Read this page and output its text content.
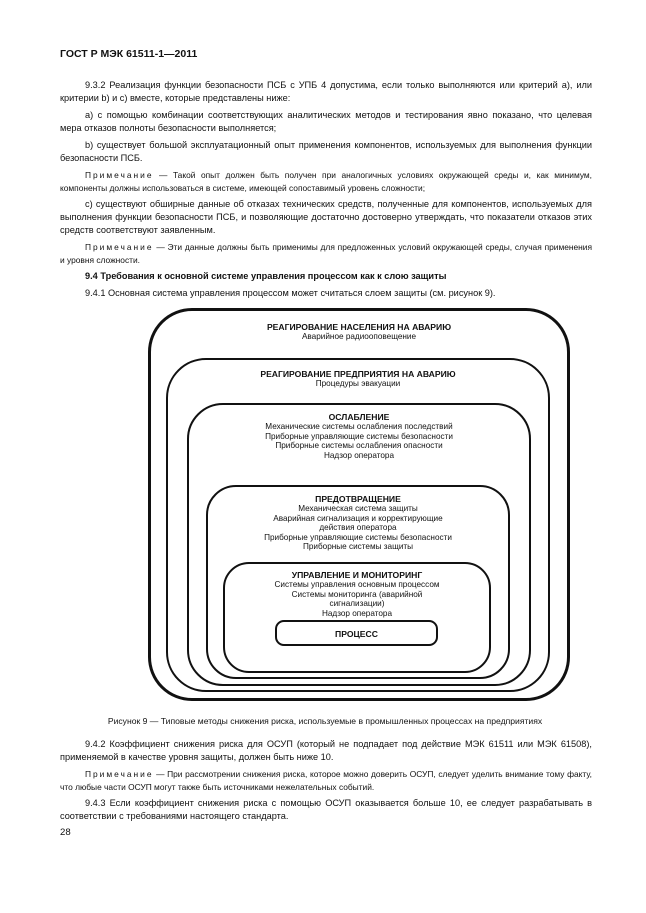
ГОСТ Р МЭК 61511-1—2011

9.3.2 Реализация функции безопасности ПСБ с УПБ 4 допустима, если только выполняются или критерий а), или критерии b) и с) вместе, которые представлены ниже:

а) с помощью комбинации соответствующих аналитических методов и тестирования явно показано, что целевая мера отказов полноты безопасности выполняется;

b) существует большой эксплуатационный опыт применения компонентов, используемых для выполнения функции безопасности ПСБ.

Примечание — Такой опыт должен быть получен при аналогичных условиях окружающей среды и, как минимум, компоненты должны использоваться в системе, имеющей сопоставимый уровень сложности;

с) существуют обширные данные об отказах технических средств, полученные для компонентов, используемых для выполнения функции безопасности ПСБ, и позволяющие достаточно достоверно утверждать, что показатели отказов этих средств соответствуют заявленным.

Примечание — Эти данные должны быть применимы для предложенных условий окружающей среды, случая применения и уровня сложности.

9.4 Требования к основной системе управления процессом как к слою защиты

9.4.1 Основная система управления процессом может считаться слоем защиты (см. рисунок 9).

РЕАГИРОВАНИЕ НАСЕЛЕНИЯ НА АВАРИЮ
Аварийное радиооповещение
РЕАГИРОВАНИЕ ПРЕДПРИЯТИЯ НА АВАРИЮ
Процедуры эвакуации
ОСЛАБЛЕНИЕ
Механические системы ослабления последствий
Приборные управляющие системы безопасности
Приборные системы ослабления опасности
Надзор оператора
ПРЕДОТВРАЩЕНИЕ
Механическая система защиты
Аварийная сигнализация и корректирующие
действия оператора
Приборные управляющие системы безопасности
Приборные системы защиты
УПРАВЛЕНИЕ И МОНИТОРИНГ
Системы управления основным процессом
Системы мониторинга (аварийной
сигнализации)
Надзор оператора
ПРОЦЕСС
Рисунок 9 — Типовые методы снижения риска, используемые в промышленных процессах на предприятиях

9.4.2 Коэффициент снижения риска для ОСУП (который не подпадает под действие МЭК 61511 или МЭК 61508), применяемой в качестве уровня защиты, должен быть ниже 10.

Примечание — При рассмотрении снижения риска, которое можно доверить ОСУП, следует уделить внимание тому факту, что любые части ОСУП могут также быть источниками нежелательных событий.

9.4.3 Если коэффициент снижения риска с помощью ОСУП оказывается больше 10, ее следует разрабатывать в соответствии с требованиями настоящего стандарта.

28
